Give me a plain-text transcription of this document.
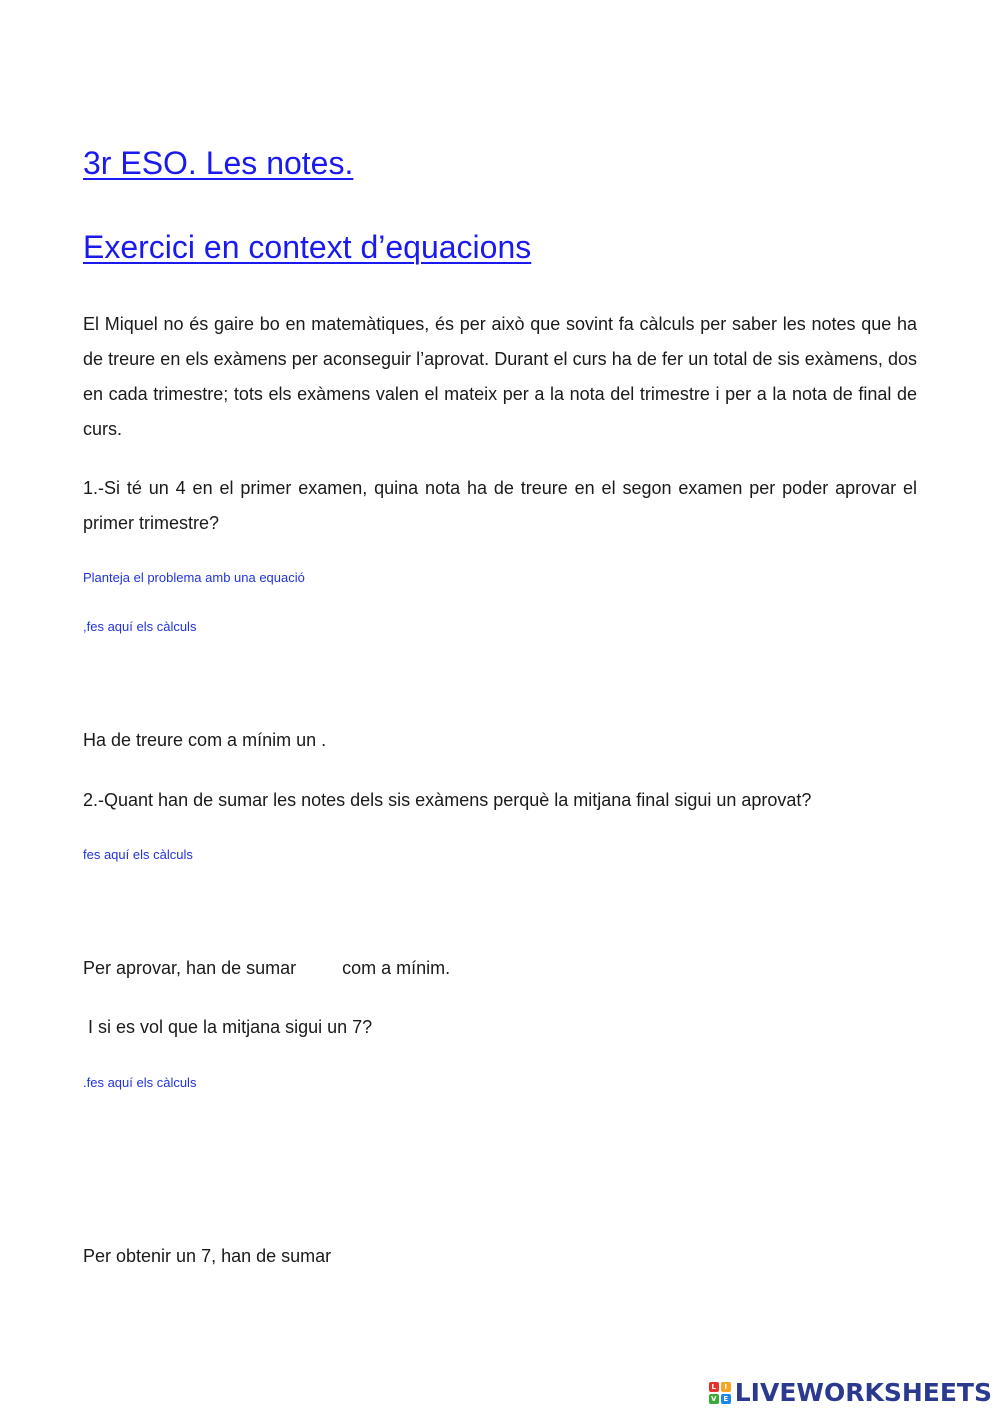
3r ESO. Les notes.
Exercici en context d’equacions

El Miquel no és gaire bo en matemàtiques, és per això que sovint fa càlculs per saber les notes que ha de treure en els exàmens per aconseguir l’aprovat. Durant el curs ha de fer un total de sis exàmens, dos en cada trimestre; tots els exàmens valen el mateix per a la nota del trimestre i per a la nota de final de curs.

1.-Si té un 4 en el primer examen, quina nota ha de treure en el segon examen per poder aprovar el primer trimestre?

Planteja el problema amb una equació
,fes aquí els càlculs
Ha de treure com a mínim un .
2.-Quant han de sumar les notes dels sis exàmens perquè la mitjana final sigui un aprovat?
fes aquí els càlculs
Per aprovar, han de sumar	com a mínim.
I si es vol que la mitjana sigui un 7?
.fes aquí els càlculs
Per obtenir un 7, han de sumar
L	I
V E LIVEWORKSHEETS
